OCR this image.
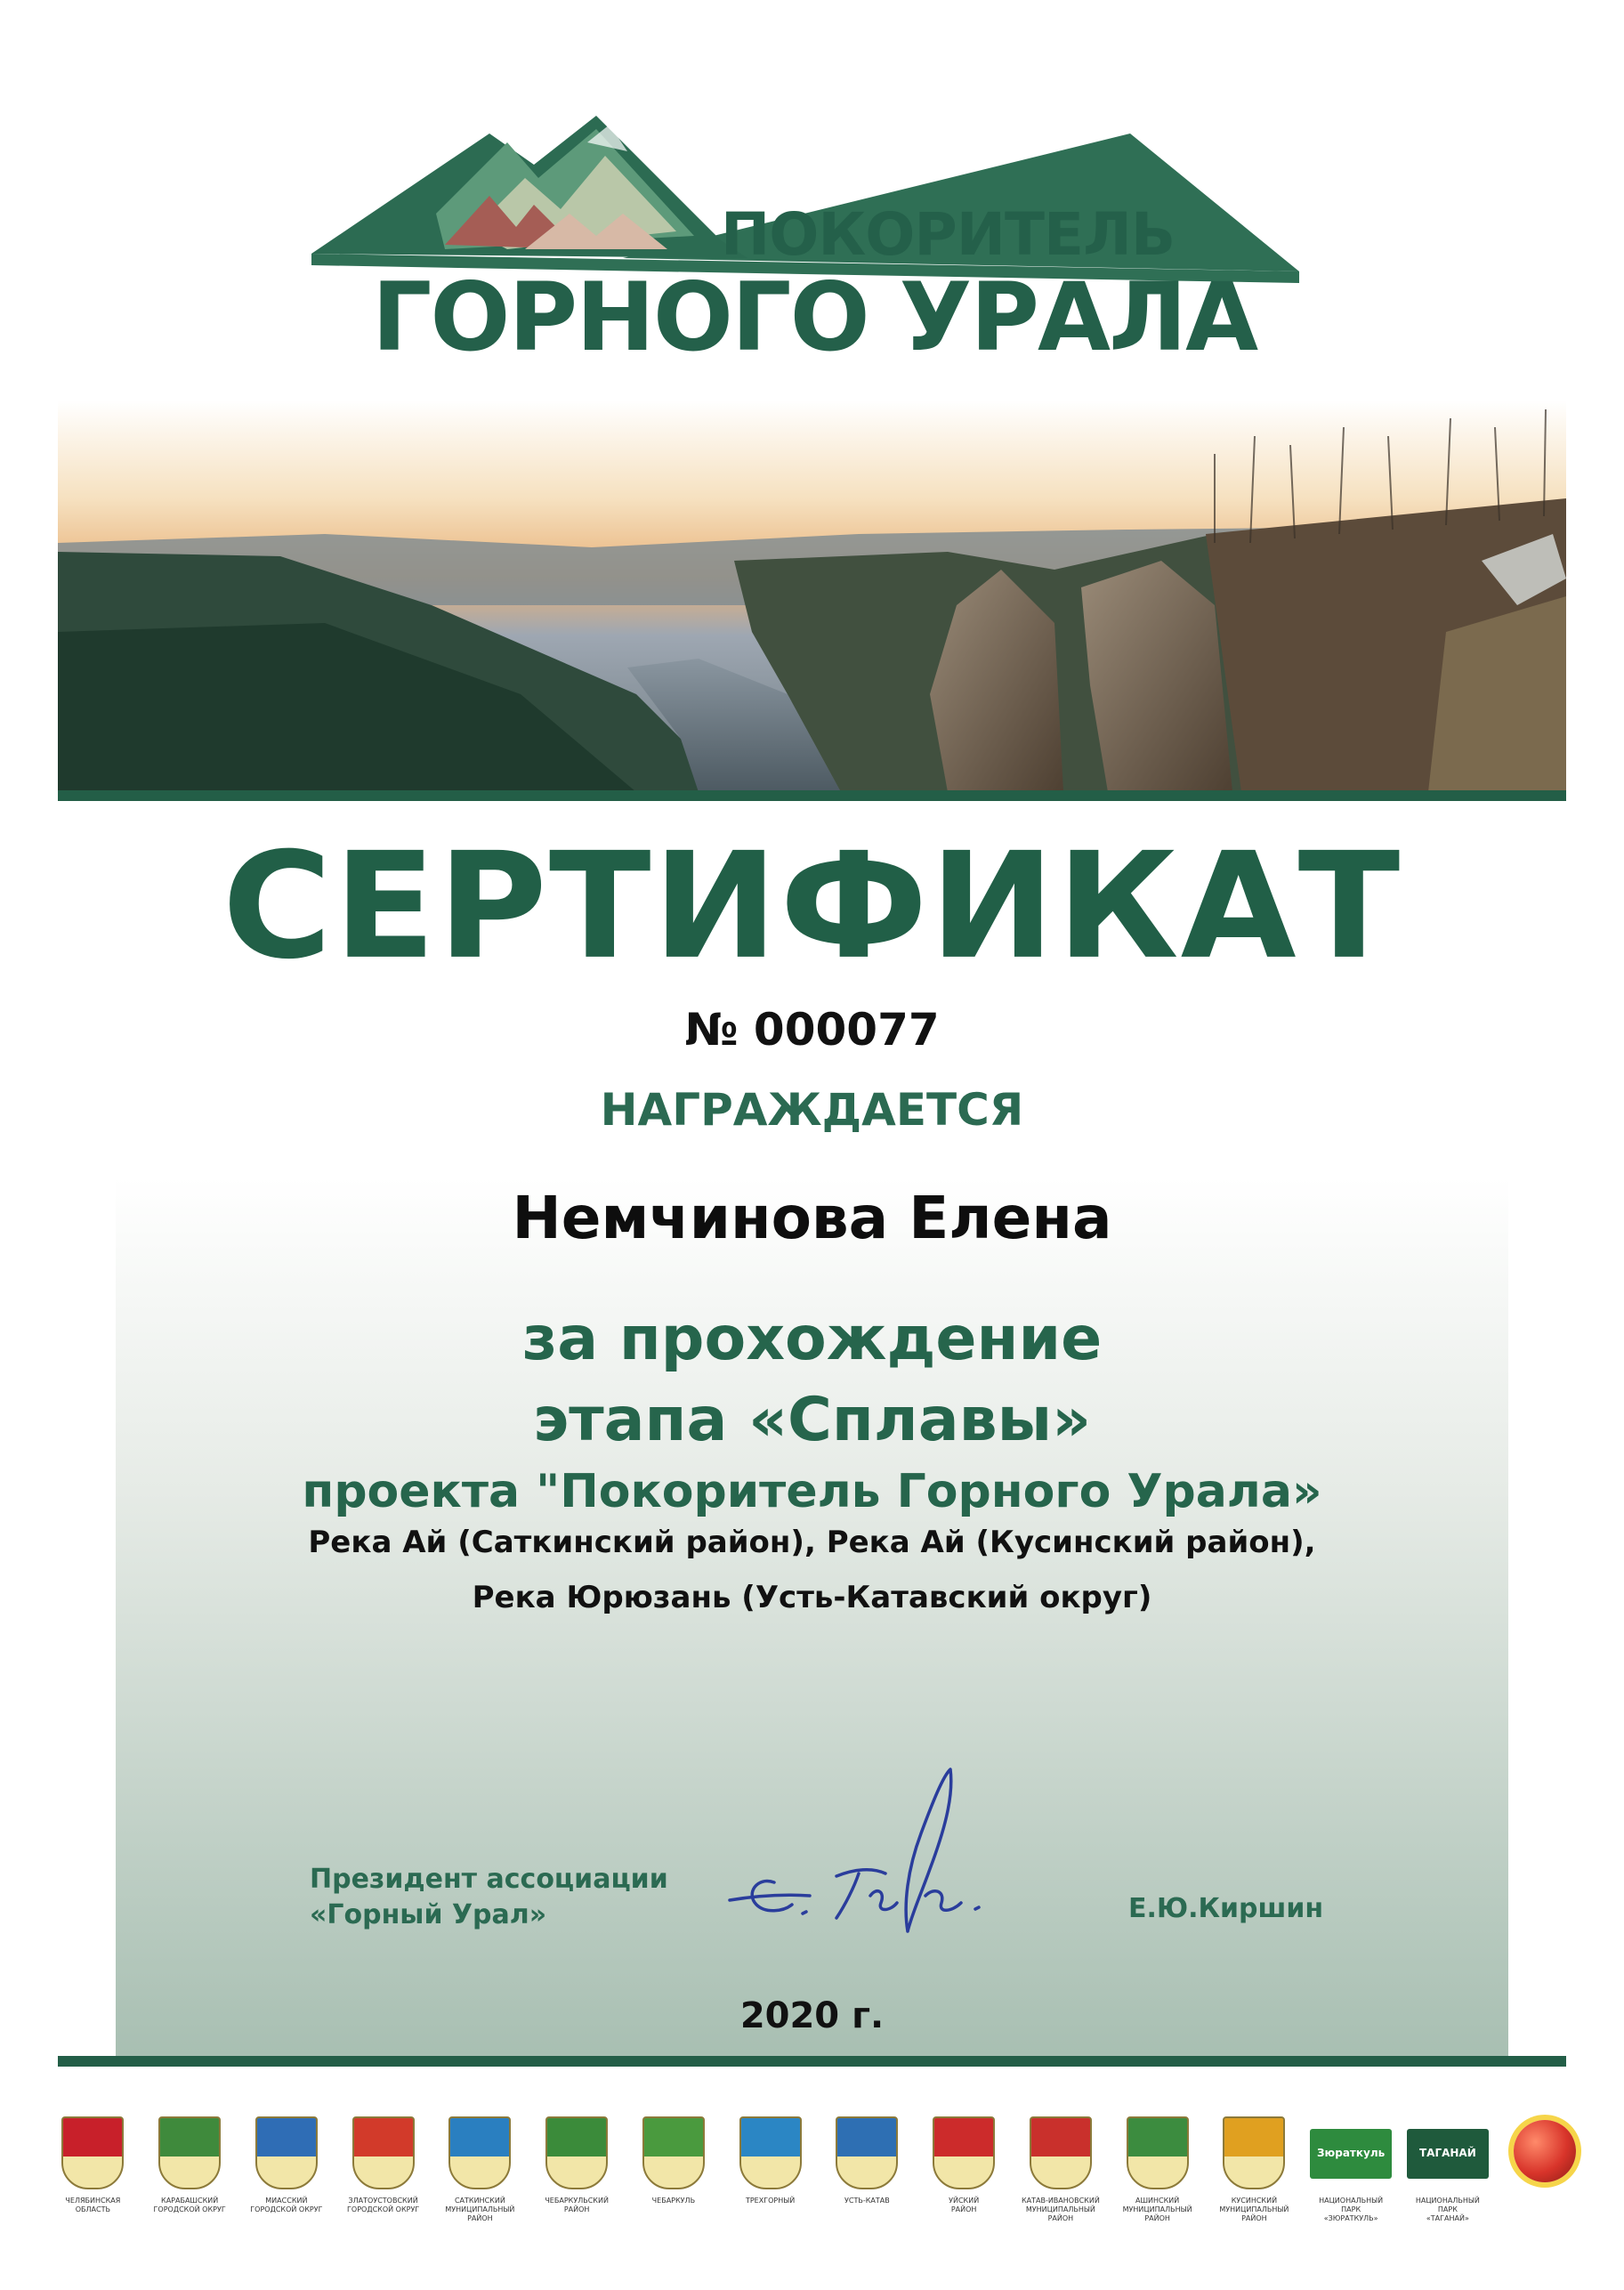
ПОКОРИТЕЛЬ
ГОРНОГО УРАЛА
СЕРТИФИКАТ
№ 000077
НАГРАЖДАЕТСЯ
Немчинова Елена
за прохождение
этапа «Сплавы»
проекта "Покоритель Горного Урала»
Река Ай (Саткинский район), Река Ай (Кусинский район),
Река Юрюзань (Усть-Катавский округ)
Президент ассоциации
«Горный Урал»	Е.Ю.Киршин
2020 г.
ЧЕЛЯБИНСКАЯ
ОБЛАСТЬ
КАРАБАШСКИЙ
ГОРОДСКОЙ ОКРУГ
МИАССКИЙ
ГОРОДСКОЙ ОКРУГ
ЗЛАТОУСТОВСКИЙ
ГОРОДСКОЙ ОКРУГ
САТКИНСКИЙ
МУНИЦИПАЛЬНЫЙ
РАЙОН
ЧЕБАРКУЛЬСКИЙ
РАЙОН
ЧЕБАРКУЛЬ	ТРЕХГОРНЫЙ	УСТЬ-КАТАВ	УЙСКИЙ
РАЙОН
КАТАВ-ИВАНОВСКИЙ
МУНИЦИПАЛЬНЫЙ
РАЙОН
АШИНСКИЙ
МУНИЦИПАЛЬНЫЙ
РАЙОН
КУСИНСКИЙ
МУНИЦИПАЛЬНЫЙ
РАЙОН
Зюраткуль
НАЦИОНАЛЬНЫЙ
ПАРК
«ЗЮРАТКУЛЬ»
ТАГАНАЙ
НАЦИОНАЛЬНЫЙ
ПАРК
«ТАГАНАЙ»
